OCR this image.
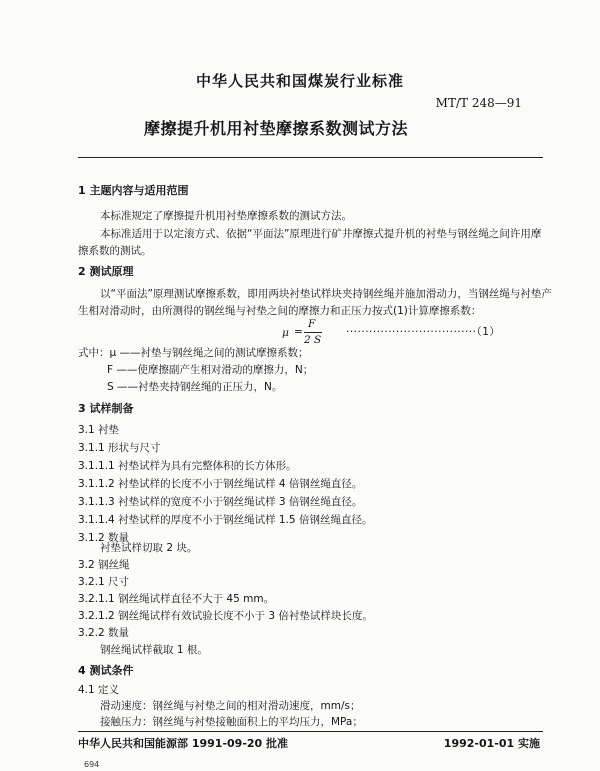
中华人民共和国煤炭行业标准
MT/T 248—91
摩擦提升机用衬垫摩擦系数测试方法
1 主题内容与适用范围
本标准规定了摩擦提升机用衬垫摩擦系数的测试方法。
本标准适用于以定滚方式、依据“平面法”原理进行矿井摩擦式提升机的衬垫与钢丝绳之间许用摩
擦系数的测试。
2 测试原理
以“平面法”原理测试摩擦系数，即用两块衬垫试样块夹持钢丝绳并施加滑动力，当钢丝绳与衬垫产
生相对滑动时，由所测得的钢丝绳与衬垫之间的摩擦力和正压力按式(1)计算摩擦系数：
μ =
F
2 S
··································（1）
式中：μ ——衬垫与钢丝绳之间的测试摩擦系数；
F ——使摩擦副产生相对滑动的摩擦力，N；
S ——衬垫夹持钢丝绳的正压力，N。
3 试样制备
3.1 衬垫
3.1.1 形状与尺寸
3.1.1.1 衬垫试样为具有完整体积的长方体形。
3.1.1.2 衬垫试样的长度不小于钢丝绳试样 4 倍钢丝绳直径。
3.1.1.3 衬垫试样的宽度不小于钢丝绳试样 3 倍钢丝绳直径。
3.1.1.4 衬垫试样的厚度不小于钢丝绳试样 1.5 倍钢丝绳直径。
3.1.2 数量
衬垫试样切取 2 块。
3.2 钢丝绳
3.2.1 尺寸
3.2.1.1 钢丝绳试样直径不大于 45 mm。
3.2.1.2 钢丝绳试样有效试验长度不小于 3 倍衬垫试样块长度。
3.2.2 数量
钢丝绳试样截取 1 根。
4 测试条件
4.1 定义
滑动速度：钢丝绳与衬垫之间的相对滑动速度，mm/s；
接触压力：钢丝绳与衬垫接触面积上的平均压力，MPa；
中华人民共和国能源部 1991-09-20 批准	1992-01-01 实施
694
